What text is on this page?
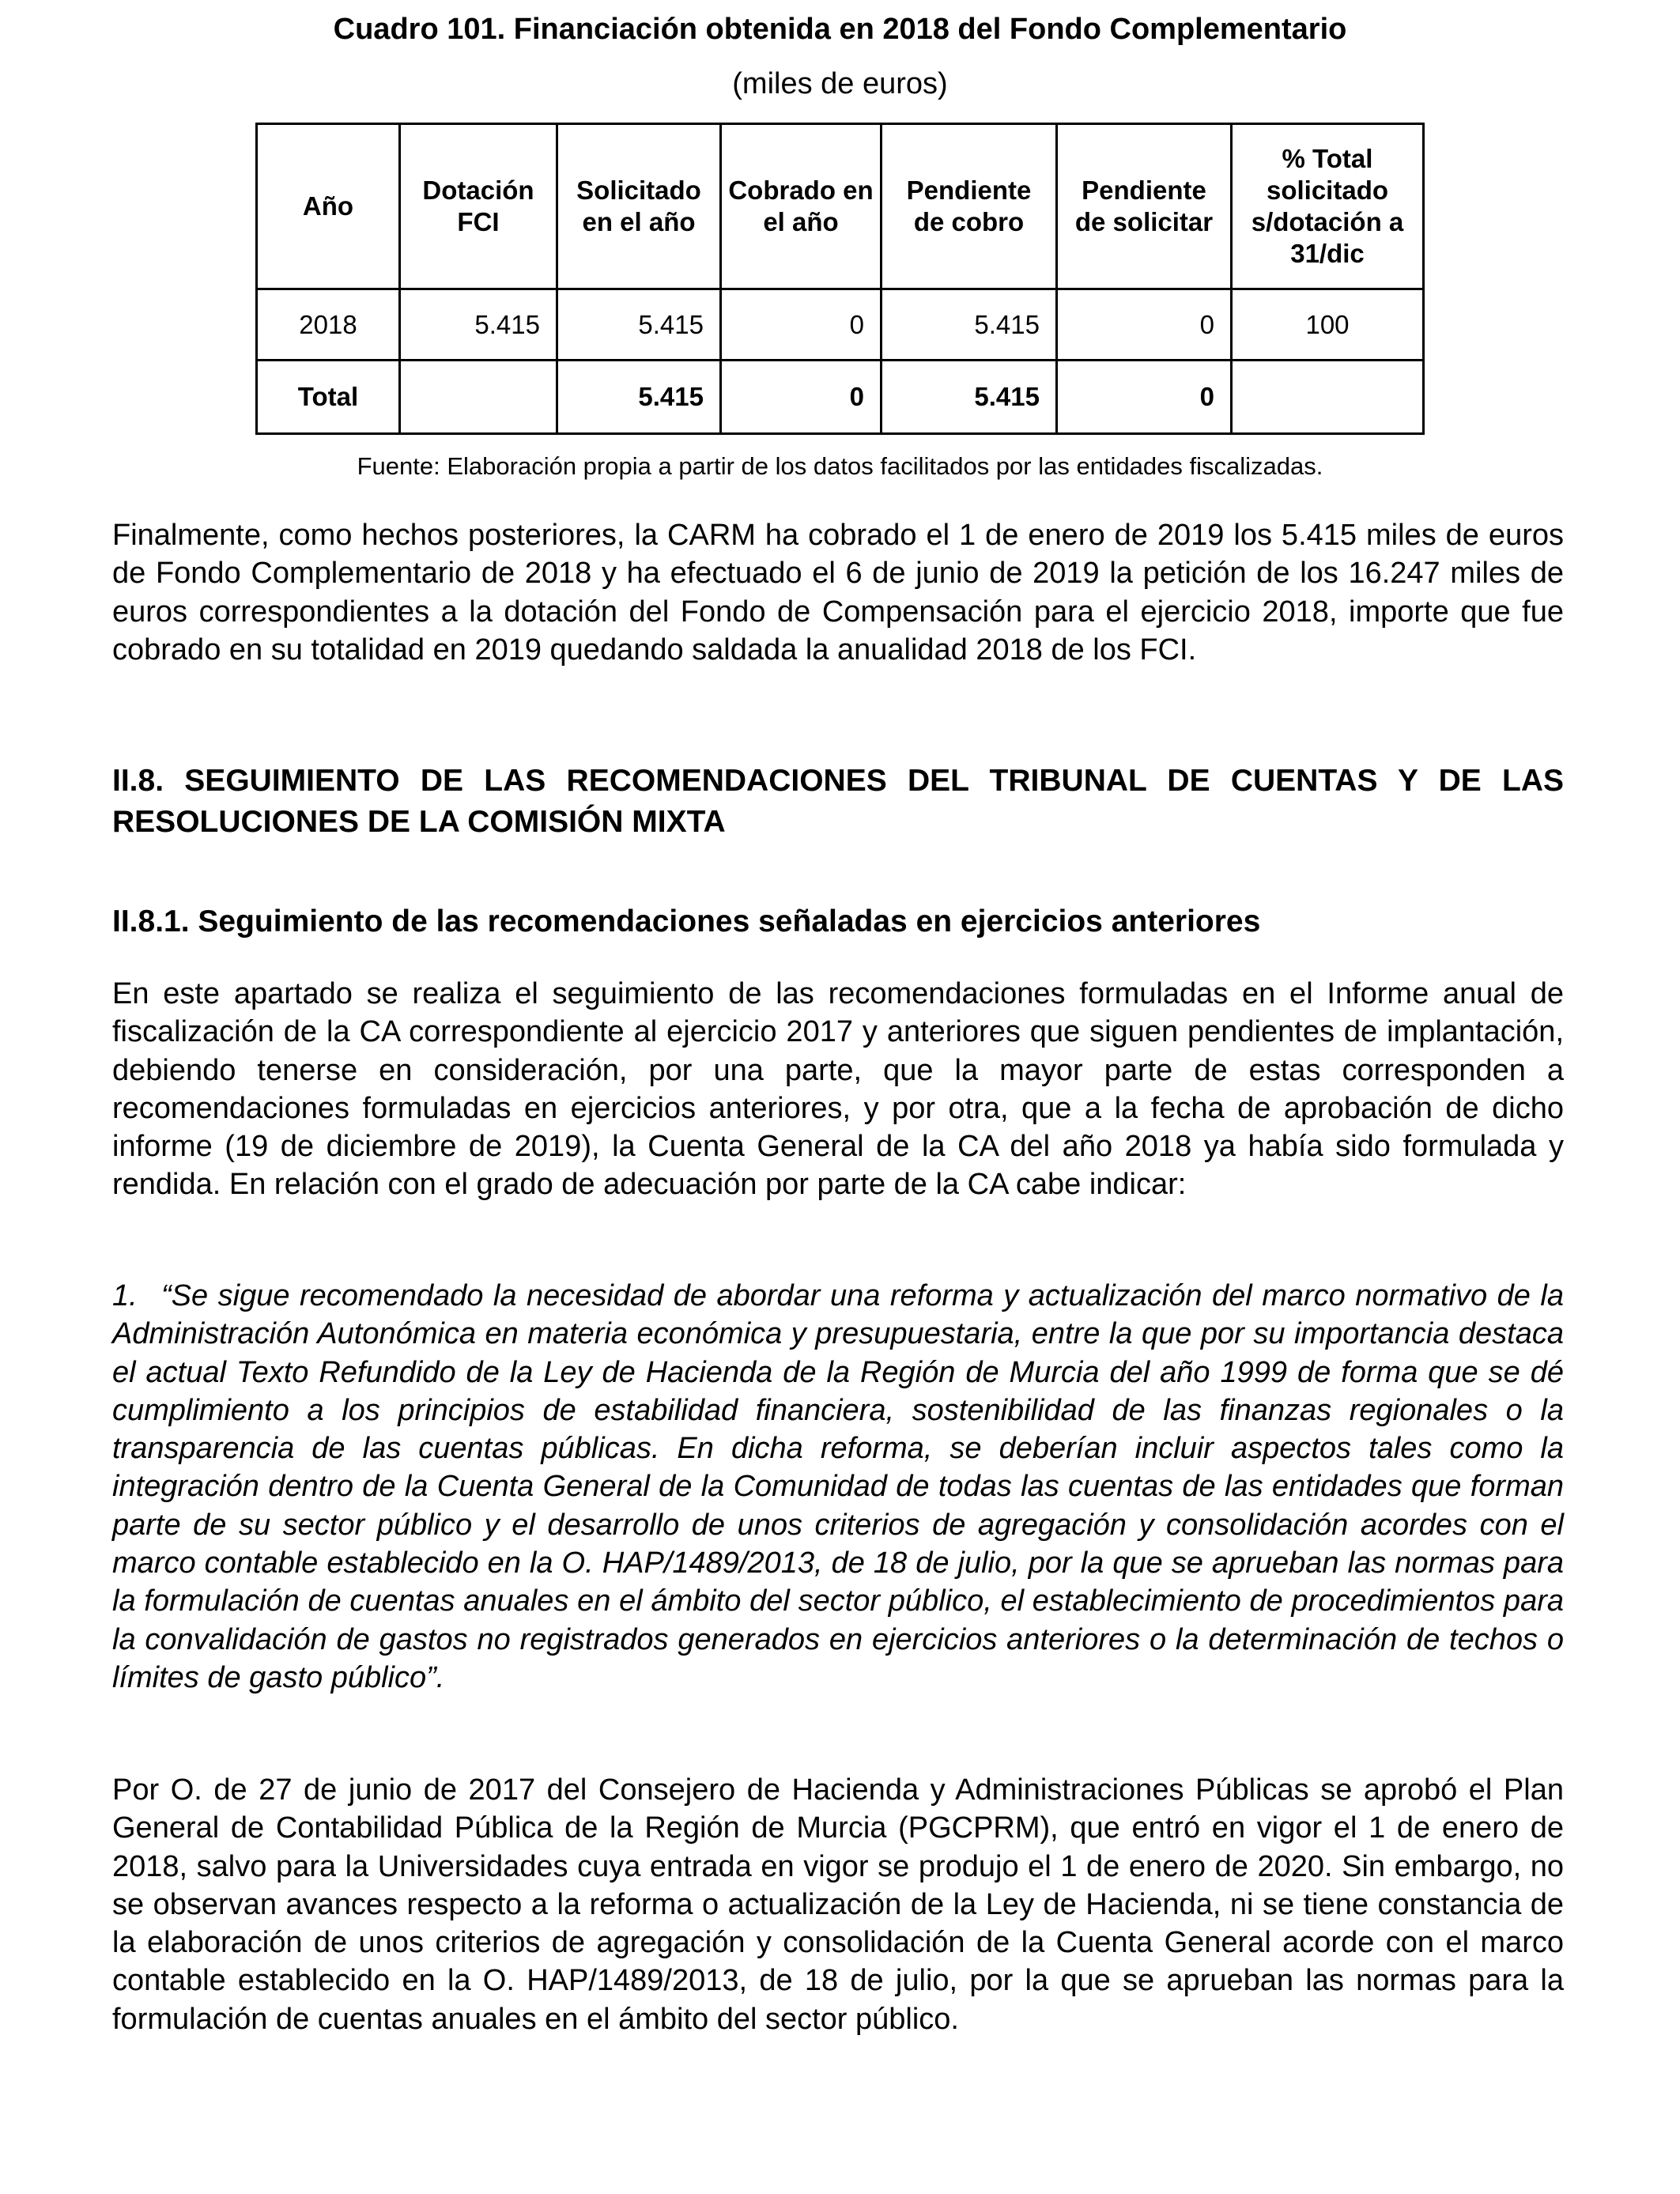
Cuadro 101. Financiación obtenida en 2018 del Fondo Complementario
(miles de euros)
Año	Dotación FCI	Solicitado en el año	Cobrado en el año	Pendiente de cobro	Pendiente de solicitar	% Total solicitado s/dotación a 31/dic
2018	5.415	5.415	0	5.415	0	100
Total		5.415	0	5.415	0	
Fuente: Elaboración propia a partir de los datos facilitados por las entidades fiscalizadas.

Finalmente, como hechos posteriores, la CARM ha cobrado el 1 de enero de 2019 los 5.415 miles de euros de Fondo Complementario de 2018 y ha efectuado el 6 de junio de 2019 la petición de los 16.247 miles de euros correspondientes a la dotación del Fondo de Compensación para el ejercicio 2018, importe que fue cobrado en su totalidad en 2019 quedando saldada la anualidad 2018 de los FCI.

II.8. SEGUIMIENTO DE LAS RECOMENDACIONES DEL TRIBUNAL DE CUENTAS Y DE LAS RESOLUCIONES DE LA COMISIÓN MIXTA

II.8.1. Seguimiento de las recomendaciones señaladas en ejercicios anteriores

En este apartado se realiza el seguimiento de las recomendaciones formuladas en el Informe anual de fiscalización de la CA correspondiente al ejercicio 2017 y anteriores que siguen pendientes de implantación, debiendo tenerse en consideración, por una parte, que la mayor parte de estas corresponden a recomendaciones formuladas en ejercicios anteriores, y por otra, que a la fecha de aprobación de dicho informe (19 de diciembre de 2019), la Cuenta General de la CA del año 2018 ya había sido formulada y rendida. En relación con el grado de adecuación por parte de la CA cabe indicar:

1. “Se sigue recomendado la necesidad de abordar una reforma y actualización del marco normativo de la Administración Autonómica en materia económica y presupuestaria, entre la que por su importancia destaca el actual Texto Refundido de la Ley de Hacienda de la Región de Murcia del año 1999 de forma que se dé cumplimiento a los principios de estabilidad financiera, sostenibilidad de las finanzas regionales o la transparencia de las cuentas públicas. En dicha reforma, se deberían incluir aspectos tales como la integración dentro de la Cuenta General de la Comunidad de todas las cuentas de las entidades que forman parte de su sector público y el desarrollo de unos criterios de agregación y consolidación acordes con el marco contable establecido en la O. HAP/1489/2013, de 18 de julio, por la que se aprueban las normas para la formulación de cuentas anuales en el ámbito del sector público, el establecimiento de procedimientos para la convalidación de gastos no registrados generados en ejercicios anteriores o la determinación de techos o límites de gasto público”.

Por O. de 27 de junio de 2017 del Consejero de Hacienda y Administraciones Públicas se aprobó el Plan General de Contabilidad Pública de la Región de Murcia (PGCPRM), que entró en vigor el 1 de enero de 2018, salvo para la Universidades cuya entrada en vigor se produjo el 1 de enero de 2020. Sin embargo, no se observan avances respecto a la reforma o actualización de la Ley de Hacienda, ni se tiene constancia de la elaboración de unos criterios de agregación y consolidación de la Cuenta General acorde con el marco contable establecido en la O. HAP/1489/2013, de 18 de julio, por la que se aprueban las normas para la formulación de cuentas anuales en el ámbito del sector público.
